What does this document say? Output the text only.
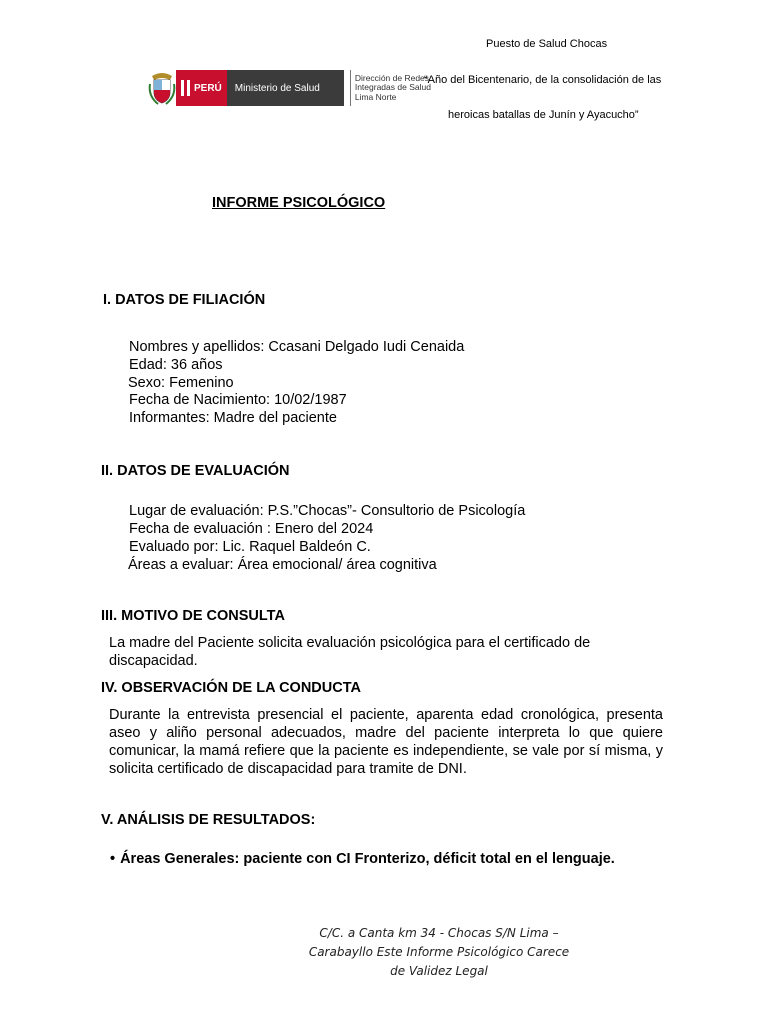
Puesto de Salud Chocas
PERÚ	Ministerio de Salud
Dirección de Redes
Integradas de Salud
Lima Norte
“Año del Bicentenario, de la consolidación de las
heroicas batallas de Junín y Ayacucho”
INFORME PSICOLÓGICO
I. DATOS DE FILIACIÓN
Nombres y apellidos: Ccasani Delgado Iudi Cenaida
Edad: 36 años
Sexo: Femenino
Fecha de Nacimiento: 10/02/1987
Informantes: Madre del paciente
II. DATOS DE EVALUACIÓN
Lugar de evaluación: P.S.”Chocas”- Consultorio de Psicología
Fecha de evaluación : Enero del 2024
Evaluado por: Lic. Raquel Baldeón C.
Áreas a evaluar: Área emocional/ área cognitiva
III. MOTIVO DE CONSULTA
La madre del Paciente solicita evaluación psicológica para el certificado de discapacidad.
IV. OBSERVACIÓN DE LA CONDUCTA
Durante la entrevista presencial el paciente, aparenta edad cronológica, presenta aseo y aliño personal adecuados, madre del paciente interpreta lo que quiere comunicar, la mamá refiere que la paciente es independiente, se vale por sí misma, y solicita certificado de discapacidad para tramite de DNI.
V. ANÁLISIS DE RESULTADOS:
• Áreas Generales: paciente con CI Fronterizo, déficit total en el lenguaje.
C/C. a Canta km 34 - Chocas S/N Lima –
Carabayllo Este Informe Psicológico Carece
de Validez Legal
